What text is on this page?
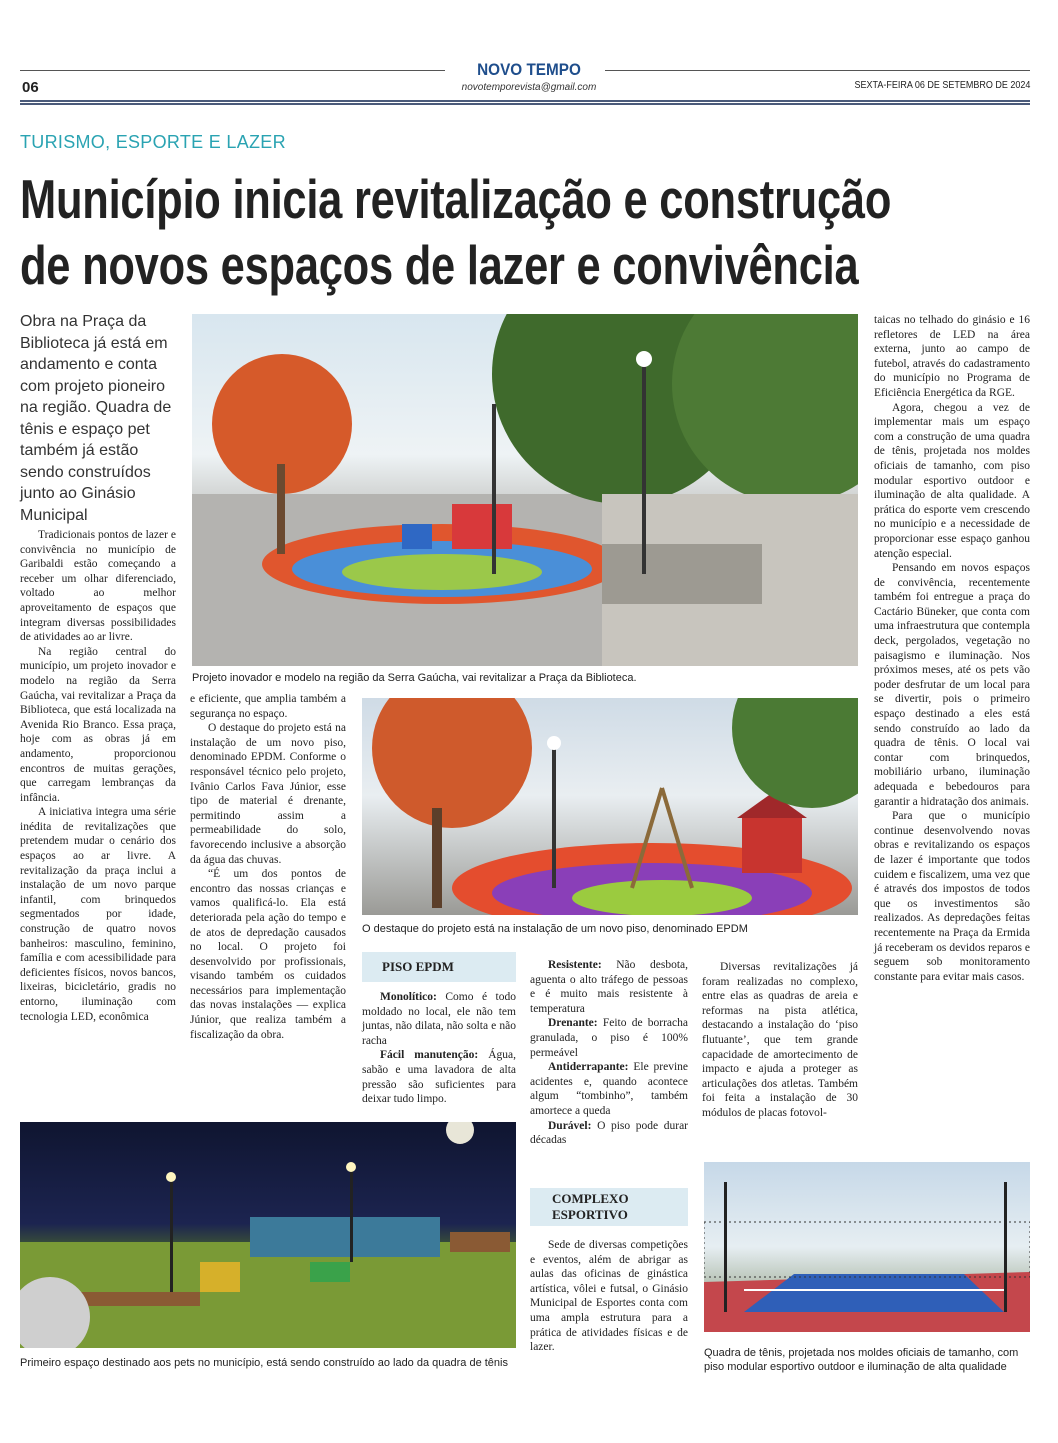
NOVO TEMPO
novotemporevista@gmail.com
06	SEXTA-FEIRA 06 DE SETEMBRO DE 2024
TURISMO, ESPORTE E LAZER
Município inicia revitalização e construção
de novos espaços de lazer e convivência
Obra na Praça da Biblioteca já está em andamento e conta com projeto pioneiro na região. Quadra de tênis e espaço pet também já estão sendo construídos junto ao Ginásio Municipal
Projeto inovador e modelo na região da Serra Gaúcha, vai revitalizar a Praça da Biblioteca.

Tradicionais pontos de lazer e convivência no município de Garibaldi estão começando a receber um olhar diferenciado, voltado ao melhor aproveitamento de espaços que integram diversas possibilidades de atividades ao ar livre.

Na região central do município, um projeto inovador e modelo na região da Serra Gaúcha, vai revitalizar a Praça da Biblioteca, que está localizada na Avenida Rio Branco. Essa praça, hoje com as obras já em andamento, proporcionou encontros de muitas gerações, que carregam lembranças da infância.

A iniciativa integra uma série inédita de revitalizações que pretendem mudar o cenário dos espaços ao ar livre. A revitalização da praça inclui a instalação de um novo parque infantil, com brinquedos segmentados por idade, construção de quatro novos banheiros: masculino, feminino, família e com acessibilidade para deficientes físicos, novos bancos, lixeiras, bicicletário, gradis no entorno, iluminação com tecnologia LED, econômica

e eficiente, que amplia também a segurança no espaço.

O destaque do projeto está na instalação de um novo piso, denominado EPDM. Conforme o responsável técnico pelo projeto, Ivânio Carlos Fava Júnior, esse tipo de material é drenante, permitindo assim a permeabilidade do solo, favorecendo inclusive a absorção da água das chuvas.

“É um dos pontos de encontro das nossas crianças e vamos qualificá-lo. Ela está deteriorada pela ação do tempo e de atos de depredação causados no local. O projeto foi desenvolvido por profissionais, visando também os cuidados necessários para implementação das novas instalações — explica Júnior, que realiza também a fiscalização da obra.

O destaque do projeto está na instalação de um novo piso, denominado EPDM
PISO EPDM

Monolítico: Como é todo moldado no local, ele não tem juntas, não dilata, não solta e não racha

Fácil manutenção: Água, sabão e uma lavadora de alta pressão são suficientes para deixar tudo limpo.

Resistente: Não desbota, aguenta o alto tráfego de pessoas e é muito mais resistente à temperatura

Drenante: Feito de borracha granulada, o piso é 100% permeável

Antiderrapante: Ele previne acidentes e, quando acontece algum “tombinho”, também amortece a queda

Durável: O piso pode durar décadas

COMPLEXO ESPORTIVO

Sede de diversas competições e eventos, além de abrigar as aulas das oficinas de ginástica artística, vôlei e futsal, o Ginásio Municipal de Esportes conta com uma ampla estrutura para a prática de atividades físicas e de lazer.

Diversas revitalizações já foram realizadas no complexo, entre elas as quadras de areia e reformas na pista atlética, destacando a instalação do ‘piso flutuante’, que tem grande capacidade de amortecimento de impacto e ajuda a proteger as articulações dos atletas. Também foi feita a instalação de 30 módulos de placas fotovol-

taicas no telhado do ginásio e 16 refletores de LED na área externa, junto ao campo de futebol, através do cadastramento do município no Programa de Eficiência Energética da RGE.

Agora, chegou a vez de implementar mais um espaço com a construção de uma quadra de tênis, projetada nos moldes oficiais de tamanho, com piso modular esportivo outdoor e iluminação de alta qualidade. A prática do esporte vem crescendo no município e a necessidade de proporcionar esse espaço ganhou atenção especial.

Pensando em novos espaços de convivência, recentemente também foi entregue a praça do Cactário Büneker, que conta com uma infraestrutura que contempla deck, pergolados, vegetação no paisagismo e iluminação. Nos próximos meses, até os pets vão poder desfrutar de um local para se divertir, pois o primeiro espaço destinado a eles está sendo construído ao lado da quadra de tênis. O local vai contar com brinquedos, mobiliário urbano, iluminação adequada e bebedouros para garantir a hidratação dos animais.

Para que o município continue desenvolvendo novas obras e revitalizando os espaços de lazer é importante que todos cuidem e fiscalizem, uma vez que é através dos impostos de todos que os investimentos são realizados. As depredações feitas recentemente na Praça da Ermida já receberam os devidos reparos e seguem sob monitoramento constante para evitar mais casos.

Primeiro espaço destinado aos pets no município, está sendo construído ao lado da quadra de tênis
Quadra de tênis, projetada nos moldes oficiais de tamanho, com piso modular esportivo outdoor e iluminação de alta qualidade
